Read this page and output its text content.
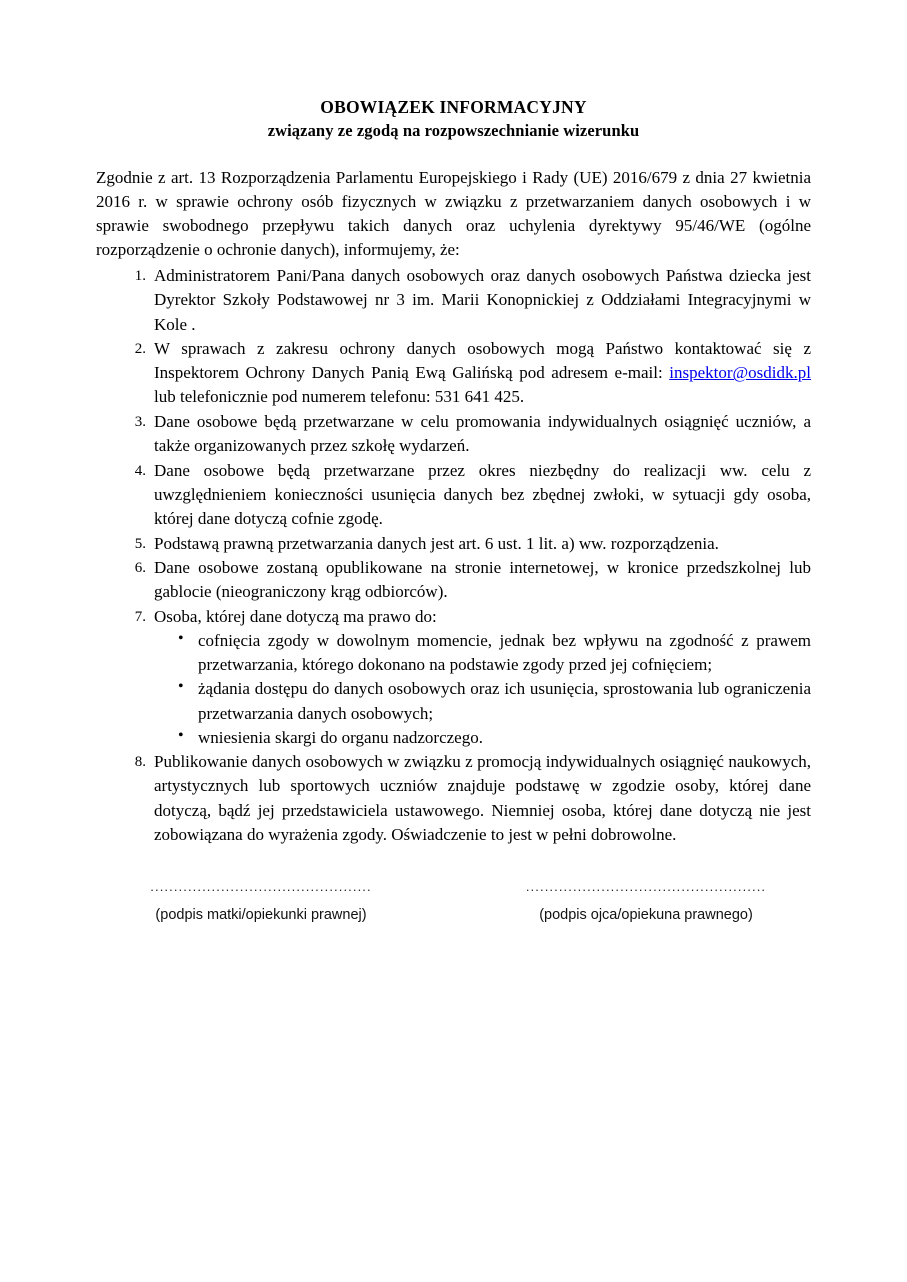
OBOWIĄZEK INFORMACYJNY
związany ze zgodą na rozpowszechnianie wizerunku

Zgodnie z art. 13 Rozporządzenia Parlamentu Europejskiego i Rady (UE) 2016/679 z dnia 27 kwietnia 2016 r. w sprawie ochrony osób fizycznych w związku z przetwarzaniem danych osobowych i w sprawie swobodnego przepływu takich danych oraz uchylenia dyrektywy 95/46/WE (ogólne rozporządzenie o ochronie danych), informujemy, że:

Administratorem Pani/Pana danych osobowych oraz danych osobowych Państwa dziecka jest Dyrektor Szkoły Podstawowej nr 3 im. Marii Konopnickiej z Oddziałami Integracyjnymi w Kole .
W sprawach z zakresu ochrony danych osobowych mogą Państwo kontaktować się z Inspektorem Ochrony Danych Panią Ewą Galińską pod adresem e-mail: inspektor@osdidk.pl lub telefonicznie pod numerem telefonu: 531 641 425.
Dane osobowe będą przetwarzane w celu promowania indywidualnych osiągnięć uczniów, a także organizowanych przez szkołę wydarzeń.
Dane osobowe będą przetwarzane przez okres niezbędny do realizacji ww. celu z uwzględnieniem konieczności usunięcia danych bez zbędnej zwłoki, w sytuacji gdy osoba, której dane dotyczą cofnie zgodę.
Podstawą prawną przetwarzania danych jest art. 6 ust. 1 lit. a) ww. rozporządzenia.
Dane osobowe zostaną opublikowane na stronie internetowej, w kronice przedszkolnej lub gablocie (nieograniczony krąg odbiorców).
Osoba, której dane dotyczą ma prawo do:
• cofnięcia zgody w dowolnym momencie, jednak bez wpływu na zgodność z prawem przetwarzania, którego dokonano na podstawie zgody przed jej cofnięciem;
• żądania dostępu do danych osobowych oraz ich usunięcia, sprostowania lub ograniczenia przetwarzania danych osobowych;
• wniesienia skargi do organu nadzorczego.
Publikowanie danych osobowych w związku z promocją indywidualnych osiągnięć naukowych, artystycznych lub sportowych uczniów znajduje podstawę w zgodzie osoby, której dane dotyczą, bądź jej przedstawiciela ustawowego. Niemniej osoba, której dane dotyczą nie jest zobowiązana do wyrażenia zgody. Oświadczenie to jest w pełni dobrowolne.
...............................................
(podpis matki/opiekunki prawnej)
...................................................
(podpis ojca/opiekuna prawnego)
